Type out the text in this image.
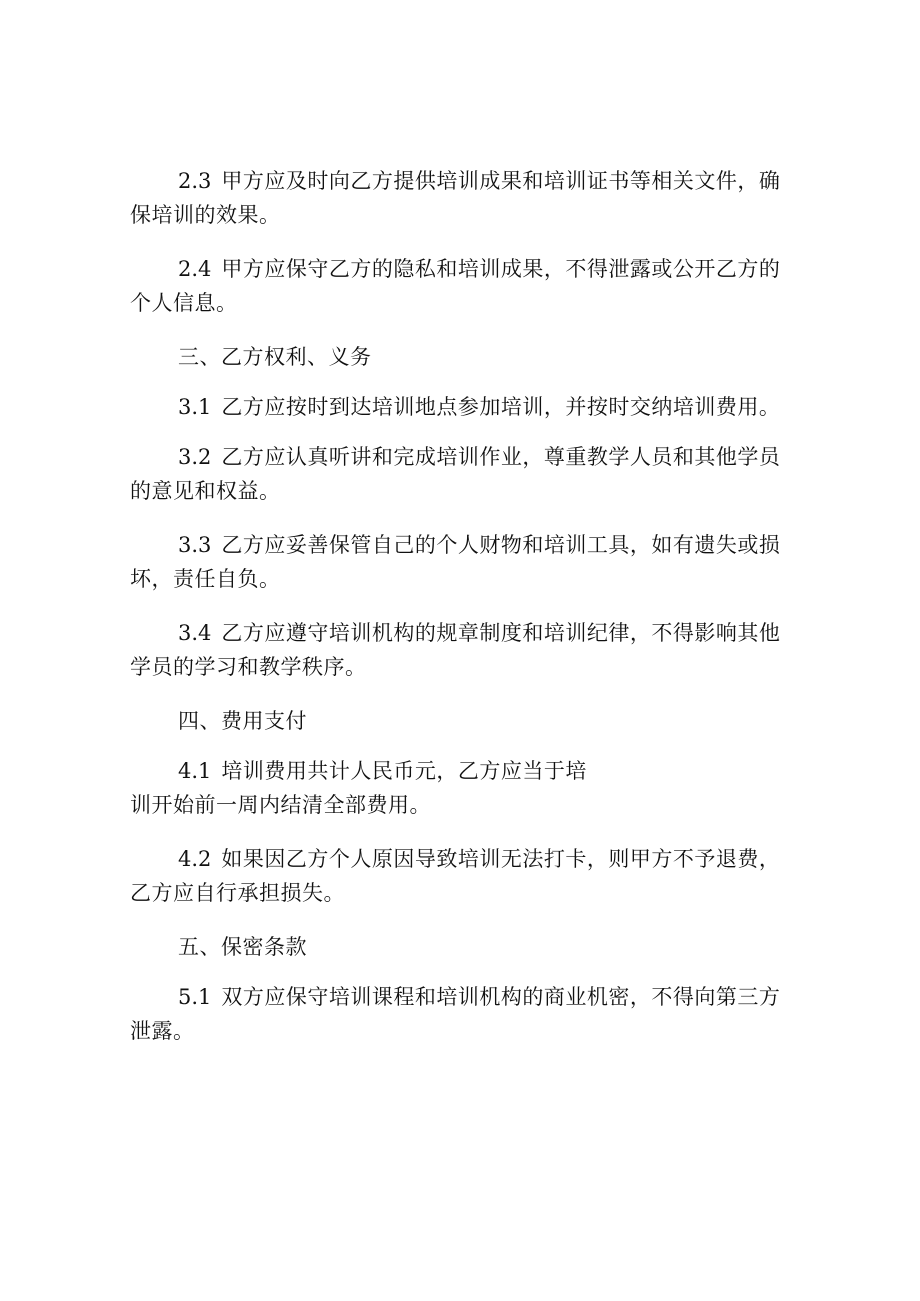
2.3 甲方应及时向乙方提供培训成果和培训证书等相关文件，确保培训的效果。

2.4 甲方应保守乙方的隐私和培训成果，不得泄露或公开乙方的个人信息。

三、乙方权利、义务

3.1 乙方应按时到达培训地点参加培训，并按时交纳培训费用。

3.2 乙方应认真听讲和完成培训作业，尊重教学人员和其他学员的意见和权益。

3.3 乙方应妥善保管自己的个人财物和培训工具，如有遗失或损坏，责任自负。

3.4 乙方应遵守培训机构的规章制度和培训纪律，不得影响其他学员的学习和教学秩序。

四、费用支付

4.1 培训费用共计人民币元，乙方应当于培
训开始前一周内结清全部费用。

4.2 如果因乙方个人原因导致培训无法打卡，则甲方不予退费，乙方应自行承担损失。

五、保密条款

5.1 双方应保守培训课程和培训机构的商业机密，不得向第三方泄露。
